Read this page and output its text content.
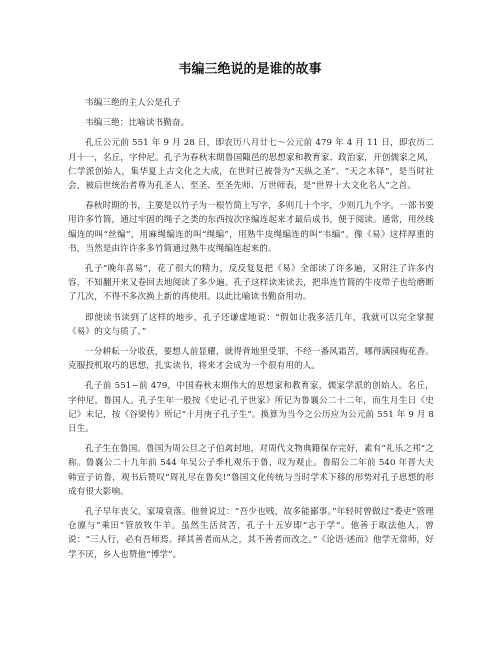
韦编三绝说的是谁的故事

韦编三绝的主人公是孔子

韦编三绝：比喻读书勤奋。

孔丘公元前 551 年 9 月 28 日，即农历八月廿七～公元前 479 年 4 月 11 日，即农历二月十一，名丘，字仲尼。孔子为春秋末期鲁国陬邑的思想家和教育家、政治家，开创儒家之风，仁学派创始人，集华夏上古文化之大成，在世时已被誉为“天纵之圣”、“天之木铎”，是当时社会，被后世统治者尊为孔圣人、至圣、至圣先师、万世师表，是“世界十大文化名人”之首。

春秋时期的书，主要是以竹子为一根竹简上写字，多则几十个字，少则几九个字。一部书要用许多竹简，通过牢固的绳子之类的东西按次序编连起来才最后成书，便于阅读。通常，用丝线编连的叫“丝编”，用麻绳编连的叫“绳编”，用熟牛皮绳编连的叫“韦编”。像《易》这样厚重的书，当然是由许许多多竹简通过熟牛皮绳编连起来的。

孔子“晚年喜易”，花了很大的精力，反反复复把《易》全部读了许多遍，又附注了许多内容，不知翻开来又卷回去地阅读了多少遍。孔子这样读来读去，把串连竹简的牛皮带子也给磨断了几次，不得不多次换上新的再使用。以此比喻读书勤奋用功。

即使读书读到了这样的地步，孔子还谦虚地说：“假如让我多活几年，我就可以完全掌握《易》的文与质了。”

一分耕耘一分收获，要想人前显耀，就得背地里受罪，不经一番风霜苦，哪得满园梅花香。克服投机取巧的思想，扎实读书，将来才会成为一个很有用的人。

孔子前 551−前 479，中国春秋末期伟大的思想家和教育家，儒家学派的创始人。名丘，字仲尼，鲁国人。孔子生年一般按《史记·孔子世家》所记为鲁襄公二十二年，而生月生日《史记》未记，按《谷梁传》所记“十月庚子孔子生”。换算为当今之公历应为公元前 551 年 9 月 8 日生。

孔子生在鲁国。鲁国为周公旦之子伯禽封地，对周代文物典籍保存完好，素有“礼乐之邦”之称。鲁襄公二十九年前 544 年吴公子季札观乐于鲁，叹为观止。鲁昭公二年前 540 年晋大夫韩宣子访鲁，观书后赞叹“周礼尽在鲁矣!”鲁国文化传统与当时学术下移的形势对孔子思想的形成有很大影响。

孔子早年丧父，家境衰落。他曾说过：“吾少也贱，故多能鄙事。”年轻时曾做过“委吏”管理仓廪与“乘田”管放牧牛羊。虽然生活贫苦，孔子十五岁即“志于学”。他善于取法他人，曾说：“三人行，必有吾师焉。择其善者而从之，其不善者而改之。”《论语·述而》他学无常师，好学不厌，乡人也赞他“博学”。
